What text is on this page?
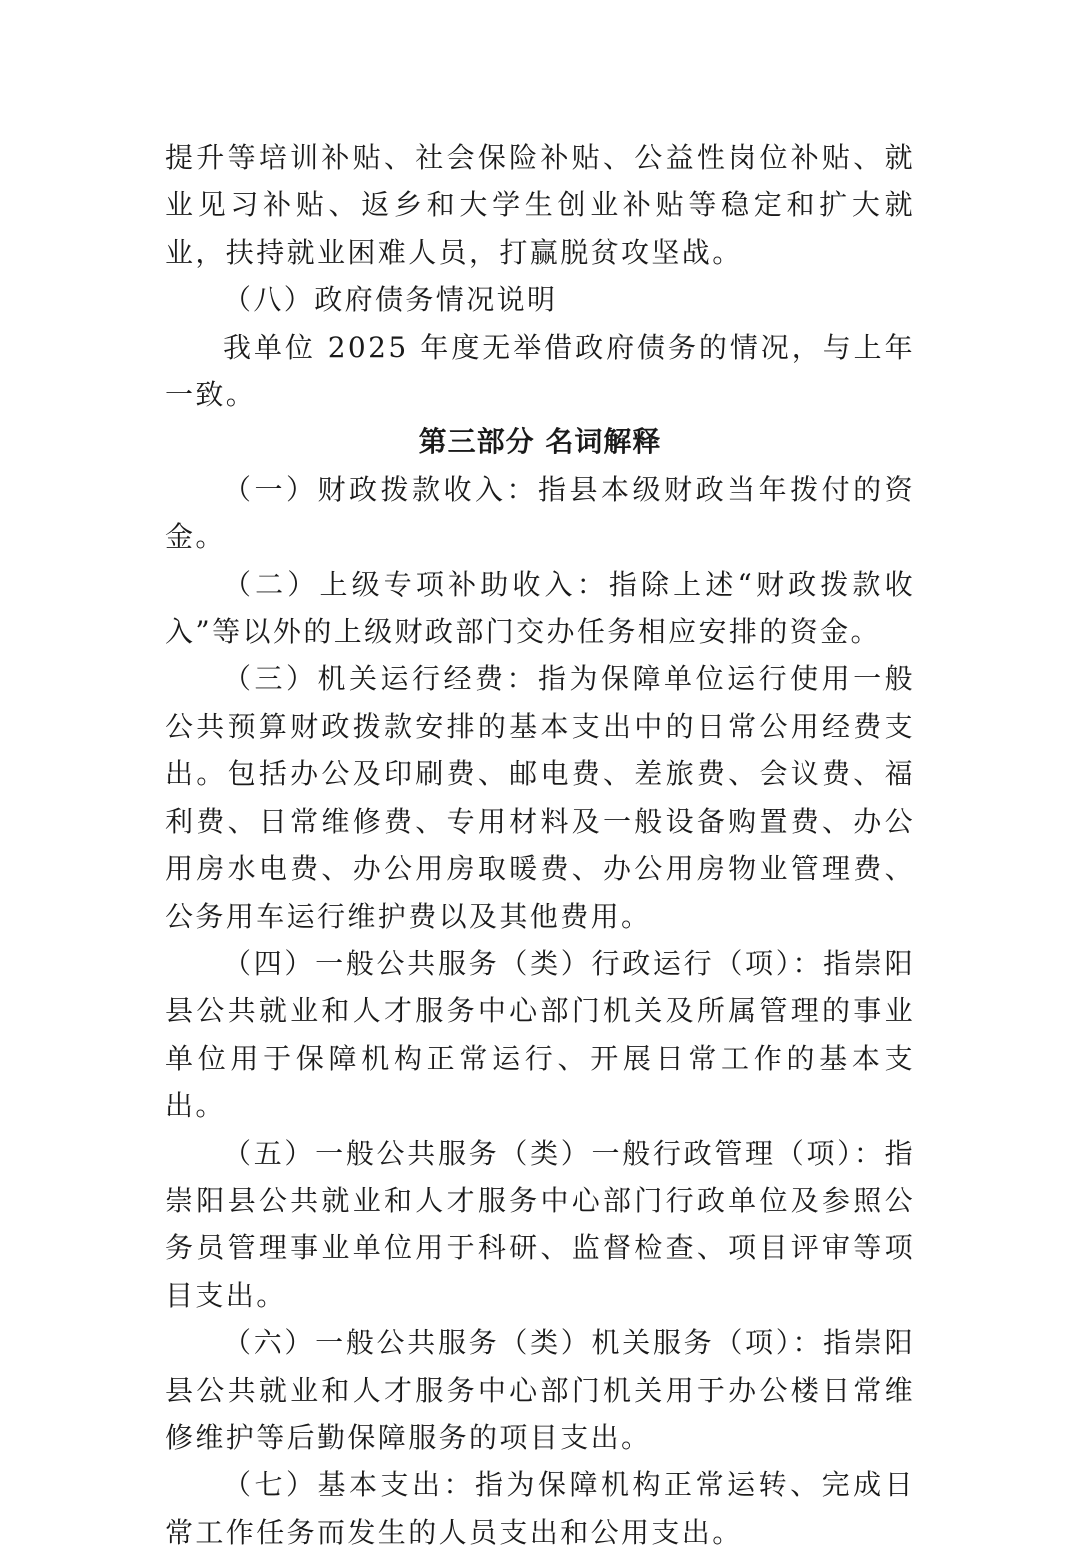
提升等培训补贴、社会保险补贴、公益性岗位补贴、就业见习补贴、返乡和大学生创业补贴等稳定和扩大就业，扶持就业困难人员，打赢脱贫攻坚战。

（八）政府债务情况说明

我单位 2025 年度无举借政府债务的情况，与上年一致。

第三部分 名词解释

（一）财政拨款收入：指县本级财政当年拨付的资金。

（二）上级专项补助收入：指除上述“财政拨款收入”等以外的上级财政部门交办任务相应安排的资金。

（三）机关运行经费：指为保障单位运行使用一般公共预算财政拨款安排的基本支出中的日常公用经费支出。包括办公及印刷费、邮电费、差旅费、会议费、福利费、日常维修费、专用材料及一般设备购置费、办公用房水电费、办公用房取暖费、办公用房物业管理费、公务用车运行维护费以及其他费用。

（四）一般公共服务（类）行政运行（项）：指崇阳县公共就业和人才服务中心部门机关及所属管理的事业单位用于保障机构正常运行、开展日常工作的基本支出。

（五）一般公共服务（类）一般行政管理（项）：指崇阳县公共就业和人才服务中心部门行政单位及参照公务员管理事业单位用于科研、监督检查、项目评审等项目支出。

（六）一般公共服务（类）机关服务（项）：指崇阳县公共就业和人才服务中心部门机关用于办公楼日常维修维护等后勤保障服务的项目支出。

（七）基本支出：指为保障机构正常运转、完成日常工作任务而发生的人员支出和公用支出。
